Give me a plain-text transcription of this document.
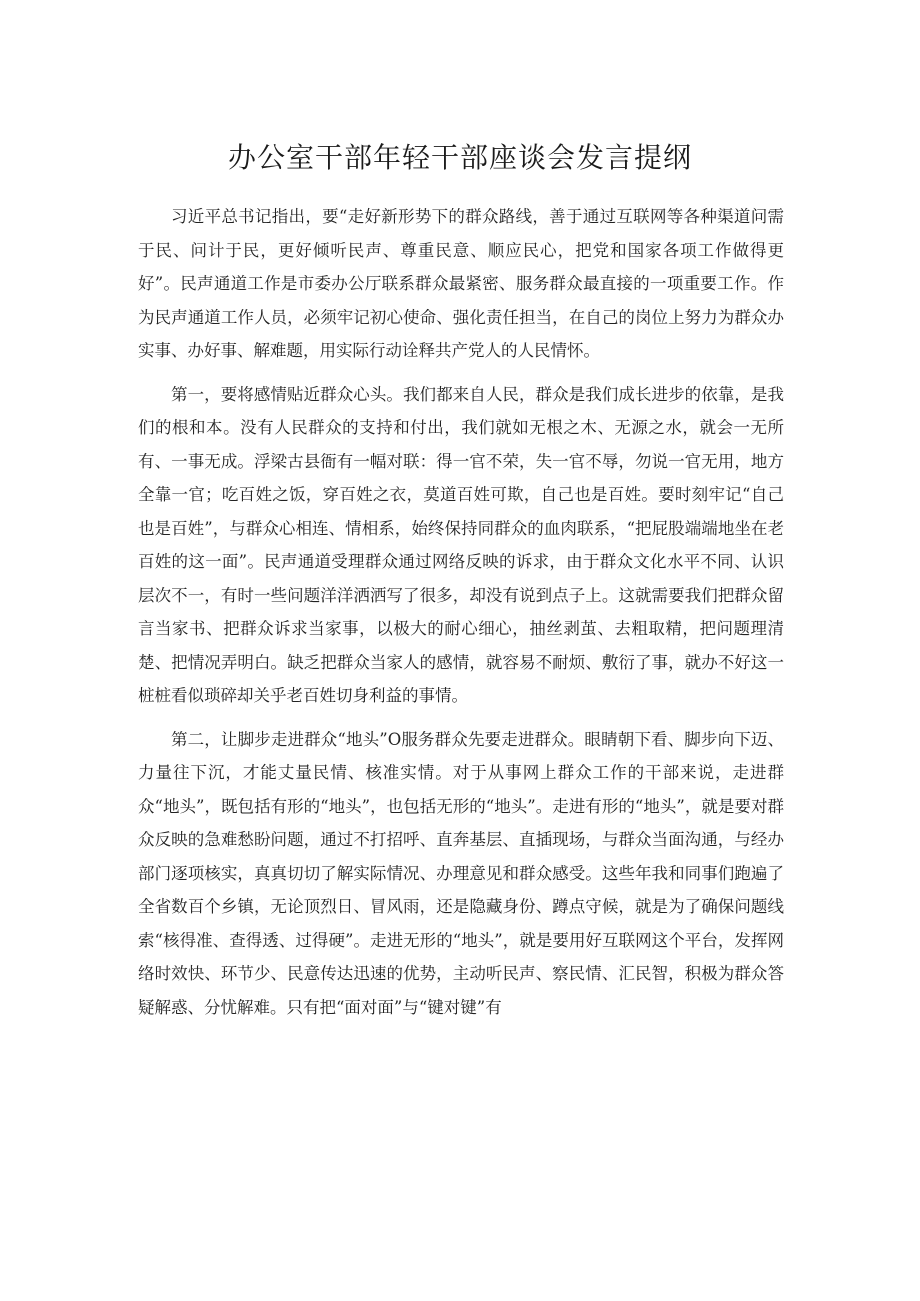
办公室干部年轻干部座谈会发言提纲

习近平总书记指出，要“走好新形势下的群众路线，善于通过互联网等各种渠道问需于民、问计于民，更好倾听民声、尊重民意、顺应民心，把党和国家各项工作做得更好”。民声通道工作是市委办公厅联系群众最紧密、服务群众最直接的一项重要工作。作为民声通道工作人员，必须牢记初心使命、强化责任担当，在自己的岗位上努力为群众办实事、办好事、解难题，用实际行动诠释共产党人的人民情怀。

第一，要将感情贴近群众心头。我们都来自人民，群众是我们成长进步的依靠，是我们的根和本。没有人民群众的支持和付出，我们就如无根之木、无源之水，就会一无所有、一事无成。浮梁古县衙有一幅对联：得一官不荣，失一官不辱，勿说一官无用，地方全靠一官；吃百姓之饭，穿百姓之衣，莫道百姓可欺，自己也是百姓。要时刻牢记“自己也是百姓”，与群众心相连、情相系，始终保持同群众的血肉联系，“把屁股端端地坐在老百姓的这一面”。民声通道受理群众通过网络反映的诉求，由于群众文化水平不同、认识层次不一，有时一些问题洋洋洒洒写了很多，却没有说到点子上。这就需要我们把群众留言当家书、把群众诉求当家事，以极大的耐心细心，抽丝剥茧、去粗取精，把问题理清楚、把情况弄明白。缺乏把群众当家人的感情，就容易不耐烦、敷衍了事，就办不好这一桩桩看似琐碎却关乎老百姓切身利益的事情。

第二，让脚步走进群众“地头”O服务群众先要走进群众。眼睛朝下看、脚步向下迈、力量往下沉，才能丈量民情、核准实情。对于从事网上群众工作的干部来说，走进群众“地头”，既包括有形的“地头”，也包括无形的“地头”。走进有形的“地头”，就是要对群众反映的急难愁盼问题，通过不打招呼、直奔基层、直插现场，与群众当面沟通，与经办部门逐项核实，真真切切了解实际情况、办理意见和群众感受。这些年我和同事们跑遍了全省数百个乡镇，无论顶烈日、冒风雨，还是隐藏身份、蹲点守候，就是为了确保问题线索“核得准、查得透、过得硬”。走进无形的“地头”，就是要用好互联网这个平台，发挥网络时效快、环节少、民意传达迅速的优势，主动听民声、察民情、汇民智，积极为群众答疑解惑、分忧解难。只有把“面对面”与“键对键”有
